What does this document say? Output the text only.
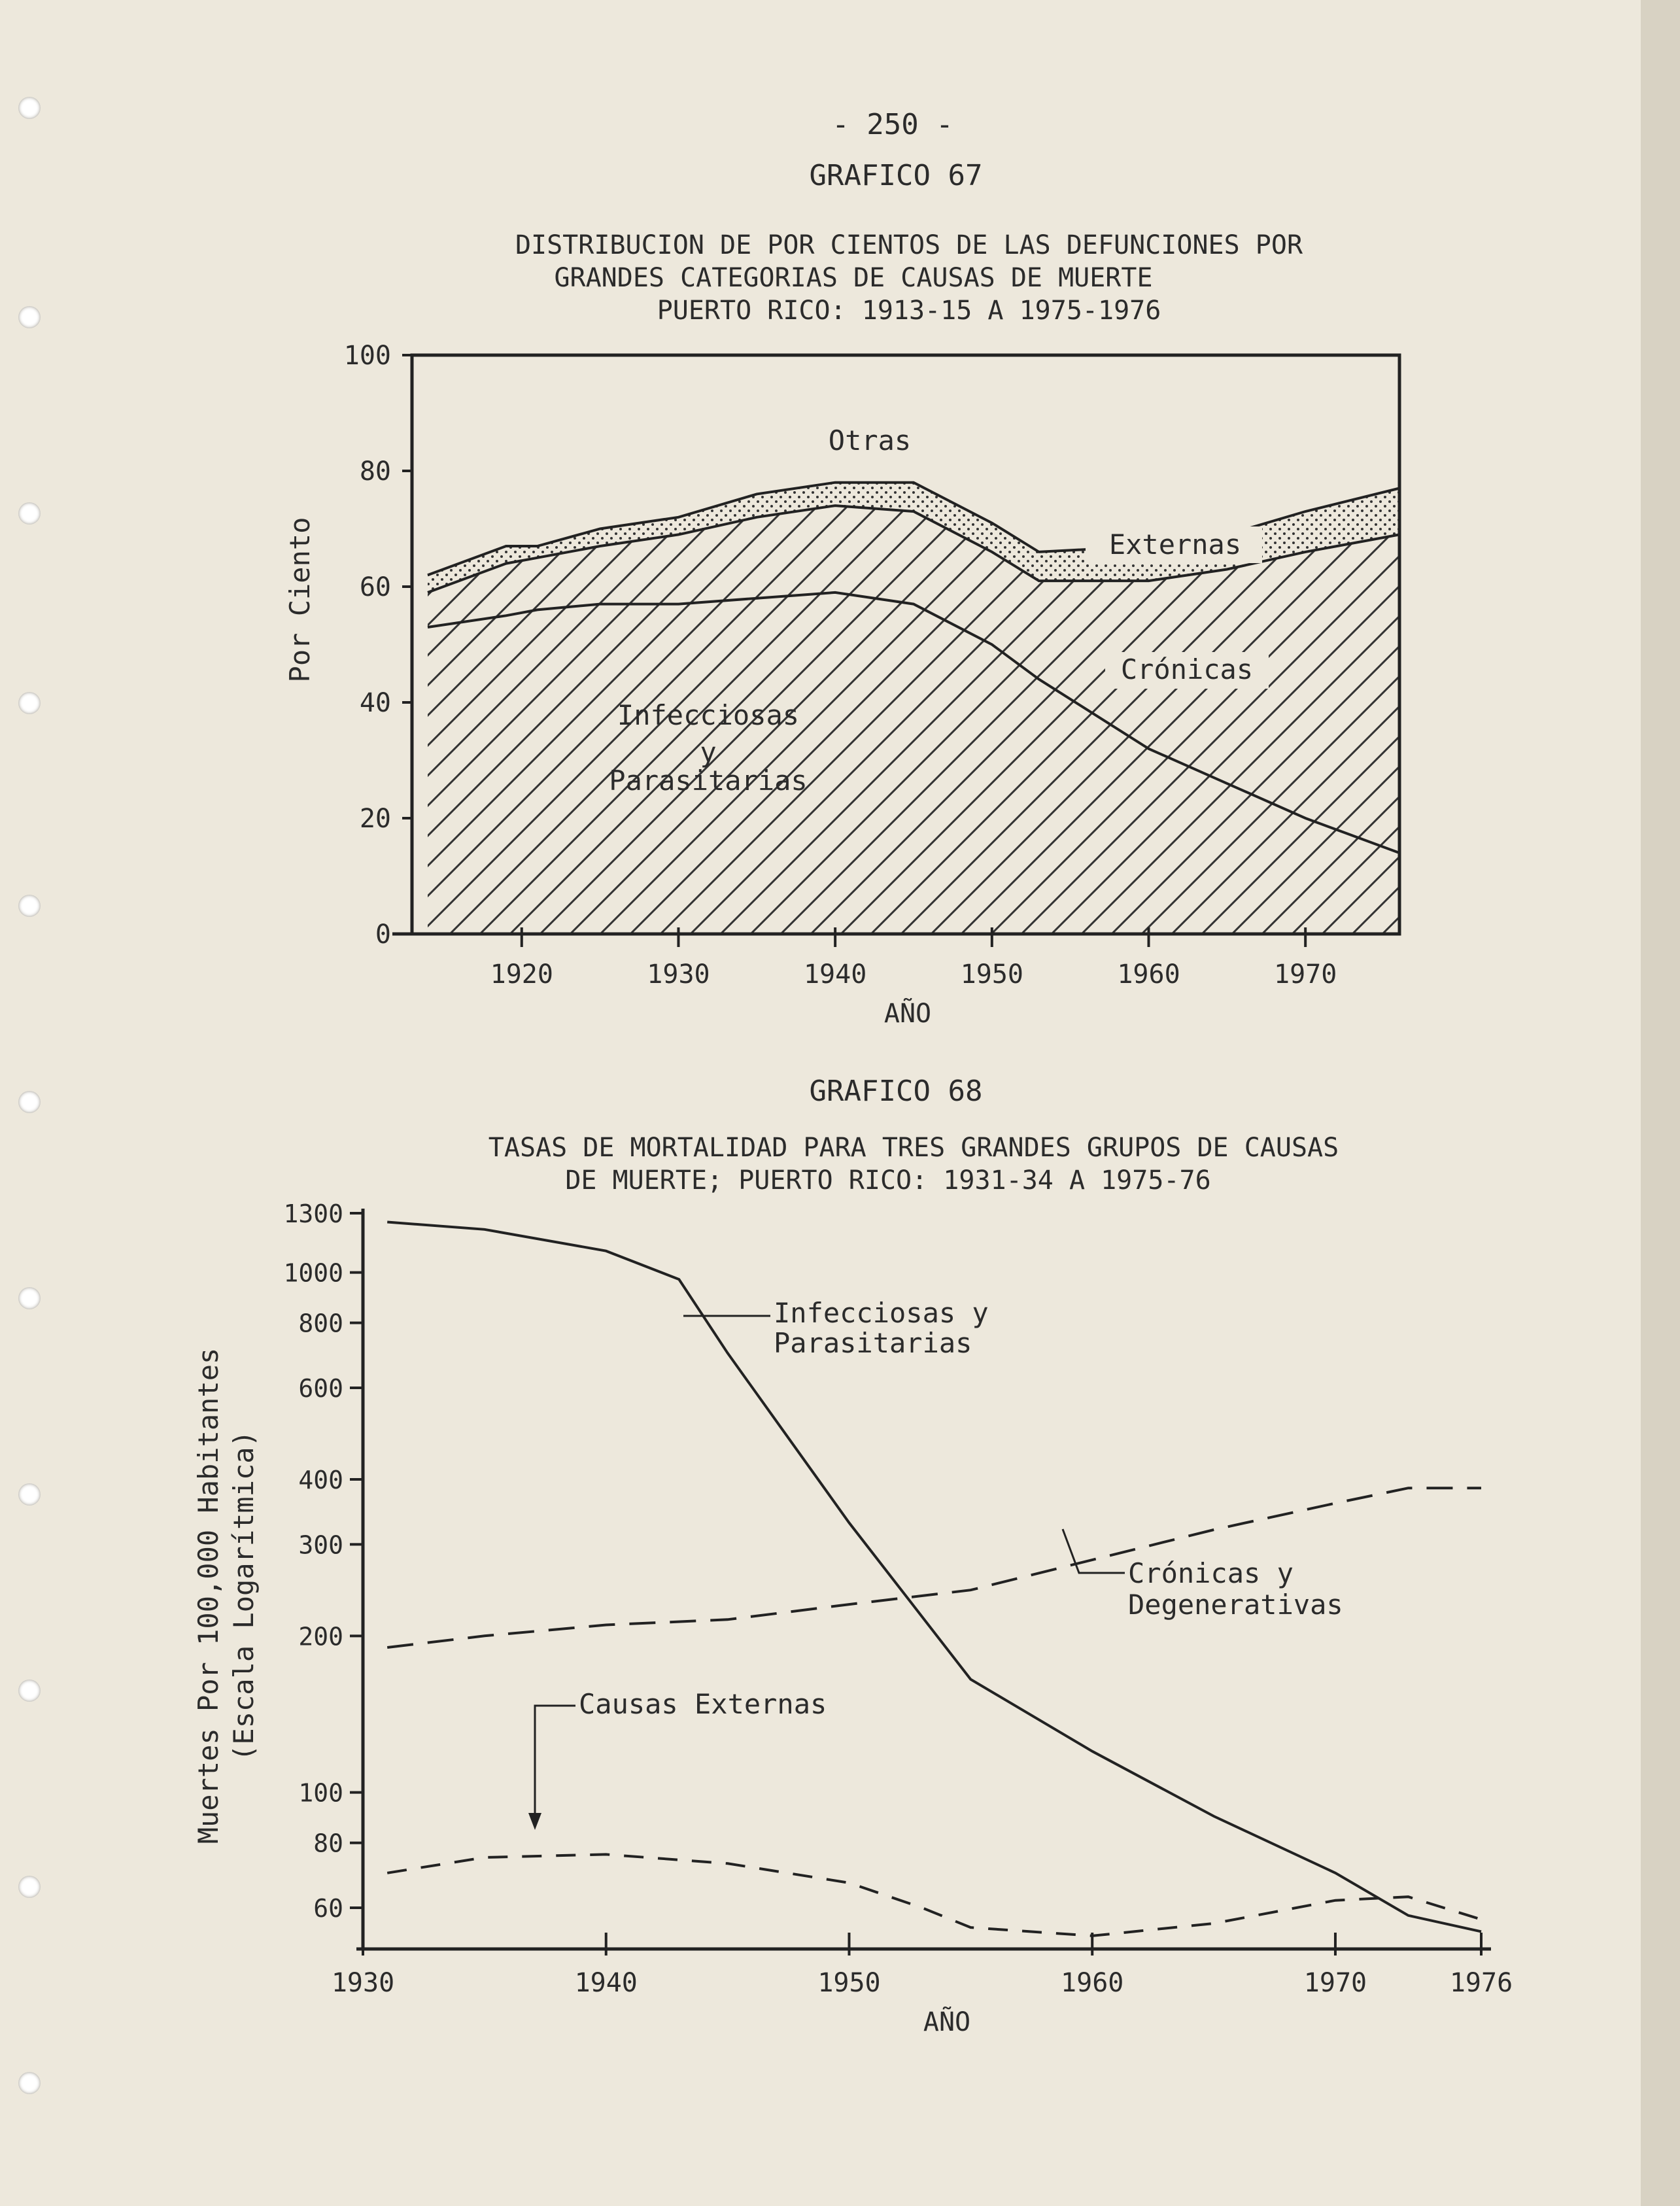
- 250 -
GRAFICO 67
DISTRIBUCION DE POR CIENTOS DE LAS DEFUNCIONES POR
GRANDES CATEGORIAS DE CAUSAS DE MUERTE
PUERTO RICO: 1913-15 A 1975-1976
0
20
40
60
80
100
1920	1930	1940	1950	1960	1970
Por Ciento
AÑO
Otras
Externas
Crónicas
Infecciosas
y
Parasitarias
GRAFICO 68
TASAS DE MORTALIDAD PARA TRES GRANDES GRUPOS DE CAUSAS
DE MUERTE; PUERTO RICO: 1931-34 A 1975-76
60
80
100
200
300
400
600
800
1000
1300
1930	1940	1950	1960	1970	1976
Muertes Por 100,000 Habitantes (Escala Logarítmica)
AÑO
Infecciosas y
Parasitarias
Crónicas y
Degenerativas
Causas Externas
